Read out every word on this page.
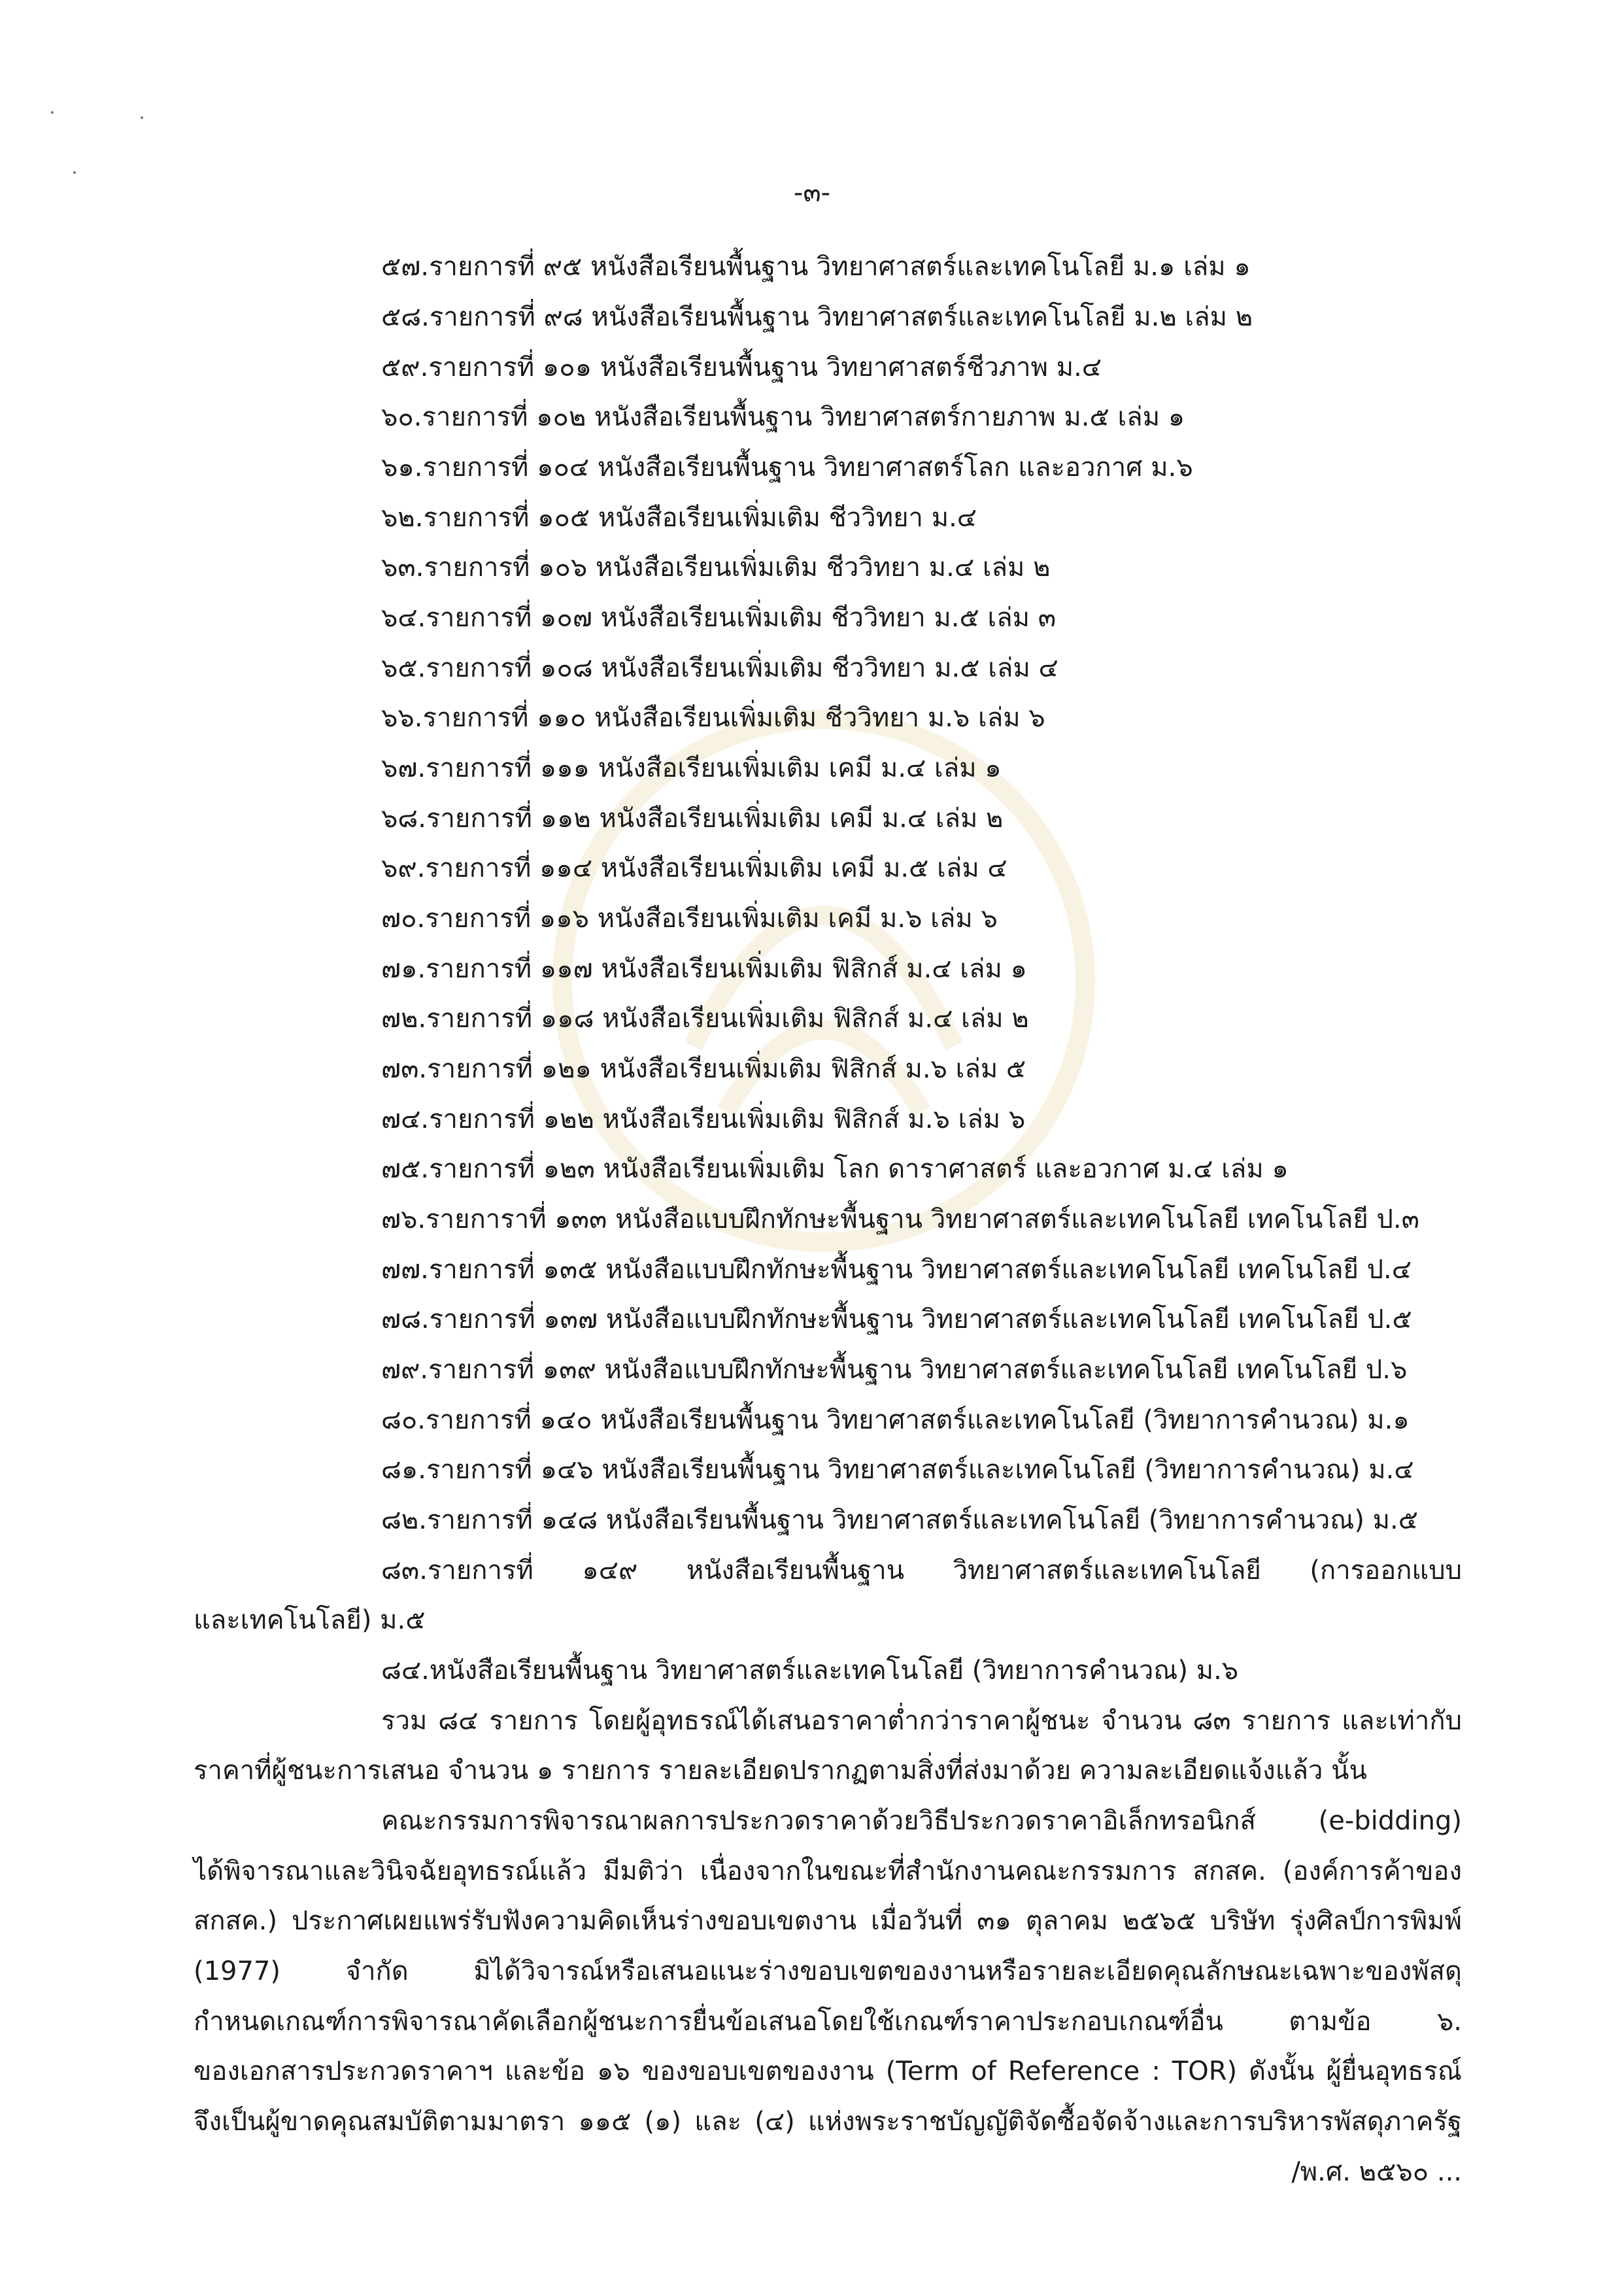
-๓-
๕๗.รายการที่ ๙๕ หนังสือเรียนพื้นฐาน วิทยาศาสตร์และเทคโนโลยี ม.๑ เล่ม ๑
๕๘.รายการที่ ๙๘ หนังสือเรียนพื้นฐาน วิทยาศาสตร์และเทคโนโลยี ม.๒ เล่ม ๒
๕๙.รายการที่ ๑๐๑ หนังสือเรียนพื้นฐาน วิทยาศาสตร์ชีวภาพ ม.๔
๖๐.รายการที่ ๑๐๒ หนังสือเรียนพื้นฐาน วิทยาศาสตร์กายภาพ ม.๕ เล่ม ๑
๖๑.รายการที่ ๑๐๔ หนังสือเรียนพื้นฐาน วิทยาศาสตร์โลก และอวกาศ ม.๖
๖๒.รายการที่ ๑๐๕ หนังสือเรียนเพิ่มเติม ชีววิทยา ม.๔
๖๓.รายการที่ ๑๐๖ หนังสือเรียนเพิ่มเติม ชีววิทยา ม.๔ เล่ม ๒
๖๔.รายการที่ ๑๐๗ หนังสือเรียนเพิ่มเติม ชีววิทยา ม.๕ เล่ม ๓
๖๕.รายการที่ ๑๐๘ หนังสือเรียนเพิ่มเติม ชีววิทยา ม.๕ เล่ม ๔
๖๖.รายการที่ ๑๑๐ หนังสือเรียนเพิ่มเติม ชีววิทยา ม.๖ เล่ม ๖
๖๗.รายการที่ ๑๑๑ หนังสือเรียนเพิ่มเติม เคมี ม.๔ เล่ม ๑
๖๘.รายการที่ ๑๑๒ หนังสือเรียนเพิ่มเติม เคมี ม.๔ เล่ม ๒
๖๙.รายการที่ ๑๑๔ หนังสือเรียนเพิ่มเติม เคมี ม.๕ เล่ม ๔
๗๐.รายการที่ ๑๑๖ หนังสือเรียนเพิ่มเติม เคมี ม.๖ เล่ม ๖
๗๑.รายการที่ ๑๑๗ หนังสือเรียนเพิ่มเติม ฟิสิกส์ ม.๔ เล่ม ๑
๗๒.รายการที่ ๑๑๘ หนังสือเรียนเพิ่มเติม ฟิสิกส์ ม.๔ เล่ม ๒
๗๓.รายการที่ ๑๒๑ หนังสือเรียนเพิ่มเติม ฟิสิกส์ ม.๖ เล่ม ๕
๗๔.รายการที่ ๑๒๒ หนังสือเรียนเพิ่มเติม ฟิสิกส์ ม.๖ เล่ม ๖
๗๕.รายการที่ ๑๒๓ หนังสือเรียนเพิ่มเติม โลก ดาราศาสตร์ และอวกาศ ม.๔ เล่ม ๑
๗๖.รายการาที่ ๑๓๓ หนังสือแบบฝึกทักษะพื้นฐาน วิทยาศาสตร์และเทคโนโลยี เทคโนโลยี ป.๓
๗๗.รายการที่ ๑๓๕ หนังสือแบบฝึกทักษะพื้นฐาน วิทยาศาสตร์และเทคโนโลยี เทคโนโลยี ป.๔
๗๘.รายการที่ ๑๓๗ หนังสือแบบฝึกทักษะพื้นฐาน วิทยาศาสตร์และเทคโนโลยี เทคโนโลยี ป.๕
๗๙.รายการที่ ๑๓๙ หนังสือแบบฝึกทักษะพื้นฐาน วิทยาศาสตร์และเทคโนโลยี เทคโนโลยี ป.๖
๘๐.รายการที่ ๑๔๐ หนังสือเรียนพื้นฐาน วิทยาศาสตร์และเทคโนโลยี (วิทยาการคำนวณ) ม.๑
๘๑.รายการที่ ๑๔๖ หนังสือเรียนพื้นฐาน วิทยาศาสตร์และเทคโนโลยี (วิทยาการคำนวณ) ม.๔
๘๒.รายการที่ ๑๔๘ หนังสือเรียนพื้นฐาน วิทยาศาสตร์และเทคโนโลยี (วิทยาการคำนวณ) ม.๕
๘๓.รายการที่ ๑๔๙ หนังสือเรียนพื้นฐาน วิทยาศาสตร์และเทคโนโลยี (การออกแบบ
และเทคโนโลยี) ม.๕
๘๔.หนังสือเรียนพื้นฐาน วิทยาศาสตร์และเทคโนโลยี (วิทยาการคำนวณ) ม.๖
รวม ๘๔ รายการ โดยผู้อุทธรณ์ได้เสนอราคาต่ำกว่าราคาผู้ชนะ จำนวน ๘๓ รายการ และเท่ากับ
ราคาที่ผู้ชนะการเสนอ จำนวน ๑ รายการ รายละเอียดปรากฏตามสิ่งที่ส่งมาด้วย ความละเอียดแจ้งแล้ว นั้น
คณะกรรมการพิจารณาผลการประกวดราคาด้วยวิธีประกวดราคาอิเล็กทรอนิกส์ (e-bidding)
ได้พิจารณาและวินิจฉัยอุทธรณ์แล้ว มีมติว่า เนื่องจากในขณะที่สำนักงานคณะกรรมการ สกสค. (องค์การค้าของ
สกสค.) ประกาศเผยแพร่รับฟังความคิดเห็นร่างขอบเขตงาน เมื่อวันที่ ๓๑ ตุลาคม ๒๕๖๕ บริษัท รุ่งศิลป์การพิมพ์
(1977) จำกัด มิได้วิจารณ์หรือเสนอแนะร่างขอบเขตของงานหรือรายละเอียดคุณลักษณะเฉพาะของพัสดุ
กำหนดเกณฑ์การพิจารณาคัดเลือกผู้ชนะการยื่นข้อเสนอโดยใช้เกณฑ์ราคาประกอบเกณฑ์อื่น ตามข้อ ๖.
ของเอกสารประกวดราคาฯ และข้อ ๑๖ ของขอบเขตของงาน (Term of Reference : TOR) ดังนั้น ผู้ยื่นอุทธรณ์
จึงเป็นผู้ขาดคุณสมบัติตามมาตรา ๑๑๕ (๑) และ (๔) แห่งพระราชบัญญัติจัดซื้อจัดจ้างและการบริหารพัสดุภาครัฐ
/พ.ศ. ๒๕๖๐ ...
